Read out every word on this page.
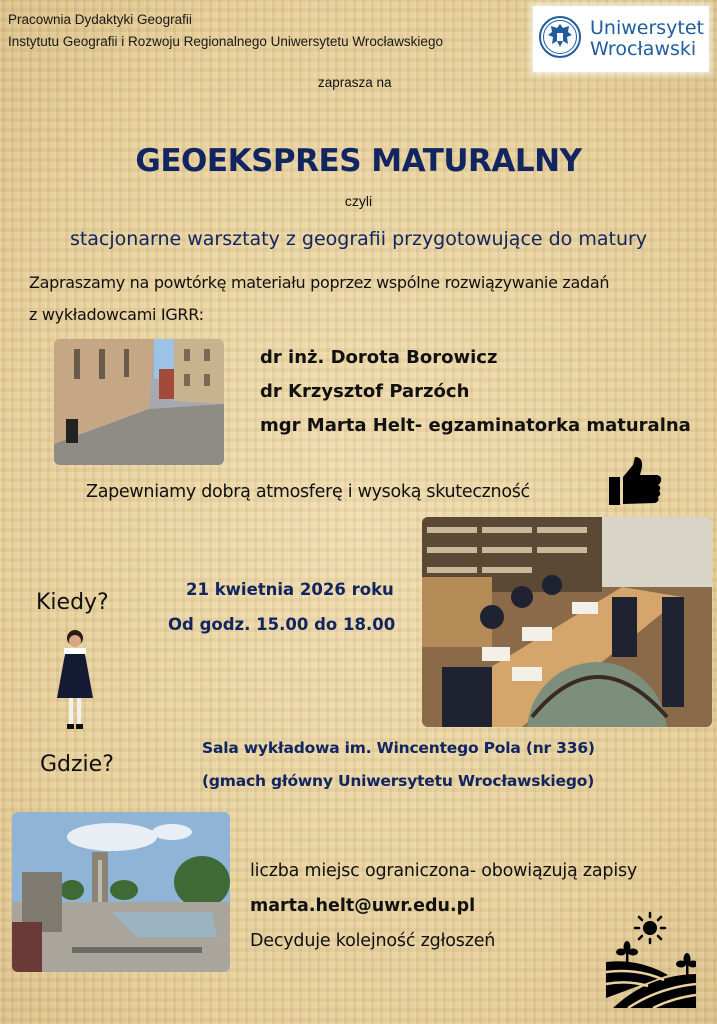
Pracownia Dydaktyki Geografii
Instytutu Geografii i Rozwoju Regionalnego Uniwersytetu Wrocławskiego
zaprasza na
Uniwersytet
Wrocławski
GEOEKSPRES MATURALNY
czyli
stacjonarne warsztaty z geografii przygotowujące do matury
Zapraszamy na powtórkę materiału poprzez wspólne rozwiązywanie zadań
z wykładowcami IGRR:
dr inż. Dorota Borowicz
dr Krzysztof Parzóch
mgr Marta Helt- egzaminatorka maturalna
Zapewniamy dobrą atmosferę i wysoką skuteczność
Kiedy?
21 kwietnia 2026 roku
Od godz. 15.00 do 18.00
Gdzie?
Sala wykładowa im. Wincentego Pola (nr 336)
(gmach główny Uniwersytetu Wrocławskiego)
liczba miejsc ograniczona- obowiązują zapisy
marta.helt@uwr.edu.pl
Decyduje kolejność zgłoszeń
